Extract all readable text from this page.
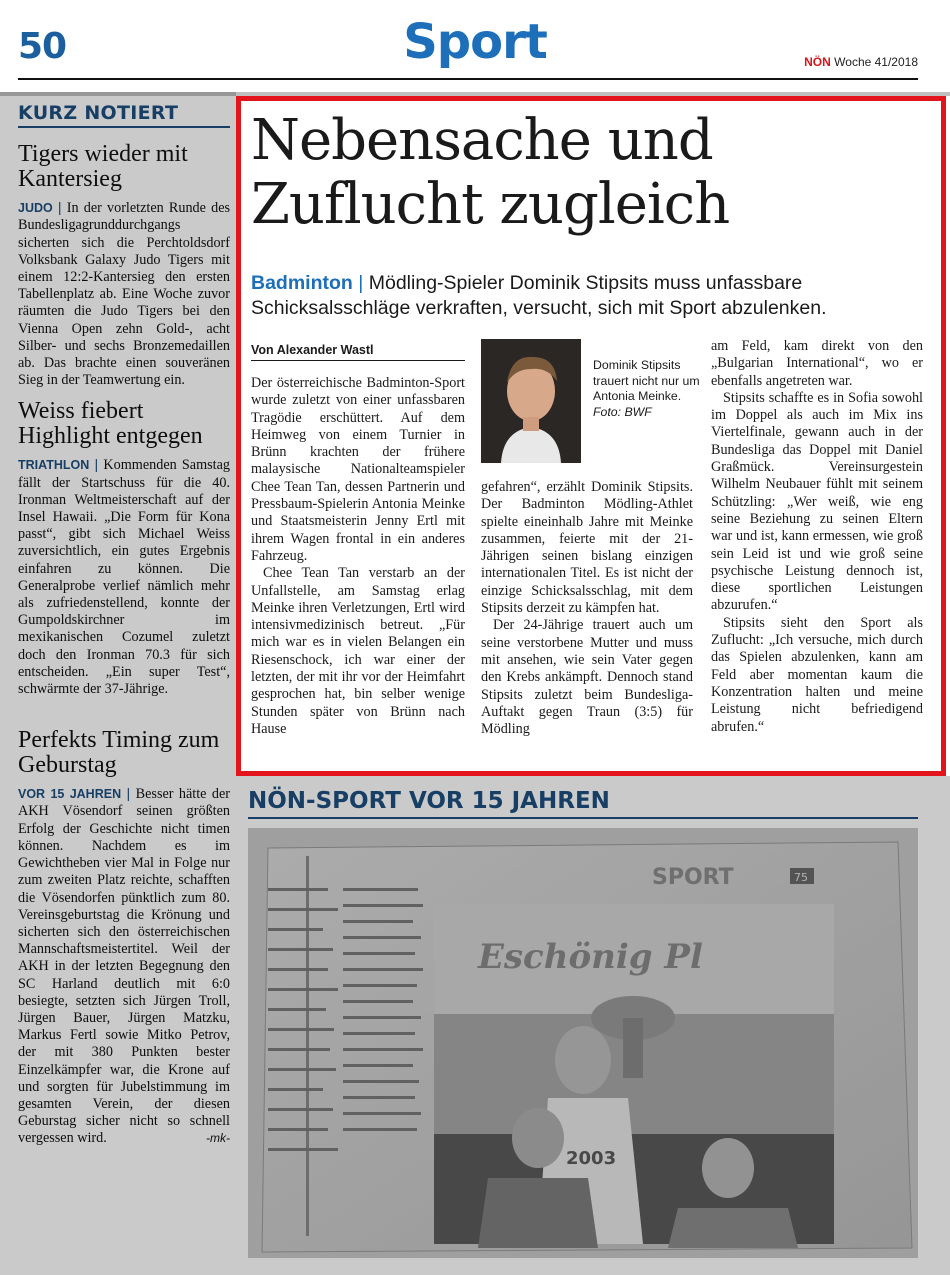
50	Sport	NÖN Woche 41/2018
KURZ NOTIERT
Tigers wieder mit Kantersieg
JUDO | In der vorletzten Runde des Bundesligagrunddurchgangs sicherten sich die Perchtoldsdorf Volksbank Galaxy Judo Tigers mit einem 12:2-Kantersieg den ersten Tabellenplatz ab. Eine Woche zuvor räumten die Judo Tigers bei den Vienna Open zehn Gold-, acht Silber- und sechs Bronzemedaillen ab. Das brachte einen souveränen Sieg in der Teamwertung ein.
Weiss fiebert Highlight entgegen
TRIATHLON | Kommenden Samstag fällt der Startschuss für die 40. Ironman Weltmeisterschaft auf der Insel Hawaii. „Die Form für Kona passt“, gibt sich Michael Weiss zuversichtlich, ein gutes Ergebnis einfahren zu können. Die Generalprobe verlief nämlich mehr als zufriedenstellend, konnte der Gumpoldskirchner im mexikanischen Cozumel zuletzt doch den Ironman 70.3 für sich entscheiden. „Ein super Test“, schwärmte der 37-Jährige.
Perfekts Timing zum Geburstag
VOR 15 JAHREN | Besser hätte der AKH Vösendorf seinen größten Erfolg der Geschichte nicht timen können. Nachdem es im Gewichtheben vier Mal in Folge nur zum zweiten Platz reichte, schafften die Vösendorfen pünktlich zum 80. Vereinsgeburtstag die Krönung und sicherten sich den österreichischen Mannschaftsmeistertitel. Weil der AKH in der letzten Begegnung den SC Harland deutlich mit 6:0 besiegte, setzten sich Jürgen Troll, Jürgen Bauer, Jürgen Matzku, Markus Fertl sowie Mitko Petrov, der mit 380 Punkten bester Einzelkämpfer war, die Krone auf und sorgten für Jubelstimmung im gesamten Verein, der diesen Geburstag sicher nicht so schnell vergessen wird.	-mk-
NÖN-SPORT VOR 15 JAHREN
SPORT	75
Eschönig Pl
2003
Nebensache und
Zuflucht zugleich
Badminton | Mödling-Spieler Dominik Stipsits muss unfassbare Schicksalsschläge verkraften, versucht, sich mit Sport abzulenken.
Von Alexander Wastl

Der österreichische Badminton-Sport wurde zuletzt von einer unfassbaren Tragödie erschüttert. Auf dem Heimweg von einem Turnier in Brünn krachten der frühere malaysische Nationalteamspieler Chee Tean Tan, dessen Partnerin und Pressbaum-Spielerin Antonia Meinke und Staatsmeisterin Jenny Ertl mit ihrem Wagen frontal in ein anderes Fahrzeug.

Chee Tean Tan verstarb an der Unfallstelle, am Samstag erlag Meinke ihren Verletzungen, Ertl wird intensivmedizinisch betreut. „Für mich war es in vielen Belangen ein Riesenschock, ich war einer der letzten, der mit ihr vor der Heimfahrt gesprochen hat, bin selber wenige Stunden später von Brünn nach Hause

Dominik Stipsits trauert nicht nur um Antonia Meinke. Foto: BWF

gefahren“, erzählt Dominik Stipsits. Der Badminton Mödling-Athlet spielte eineinhalb Jahre mit Meinke zusammen, feierte mit der 21-Jährigen seinen bislang einzigen internationalen Titel. Es ist nicht der einzige Schicksalsschlag, mit dem Stipsits derzeit zu kämpfen hat.

Der 24-Jährige trauert auch um seine verstorbene Mutter und muss mit ansehen, wie sein Vater gegen den Krebs ankämpft. Dennoch stand Stipsits zuletzt beim Bundesliga-Auftakt gegen Traun (3:5) für Mödling

am Feld, kam direkt von den „Bulgarian International“, wo er ebenfalls angetreten war.

Stipsits schaffte es in Sofia sowohl im Doppel als auch im Mix ins Viertelfinale, gewann auch in der Bundesliga das Doppel mit Daniel Graßmück. Vereinsurgestein Wilhelm Neubauer fühlt mit seinem Schützling: „Wer weiß, wie eng seine Beziehung zu seinen Eltern war und ist, kann ermessen, wie groß sein Leid ist und wie groß seine psychische Leistung dennoch ist, diese sportlichen Leistungen abzurufen.“

Stipsits sieht den Sport als Zuflucht: „Ich versuche, mich durch das Spielen abzulenken, kann am Feld aber momentan kaum die Konzentration halten und meine Leistung nicht befriedigend abrufen.“
